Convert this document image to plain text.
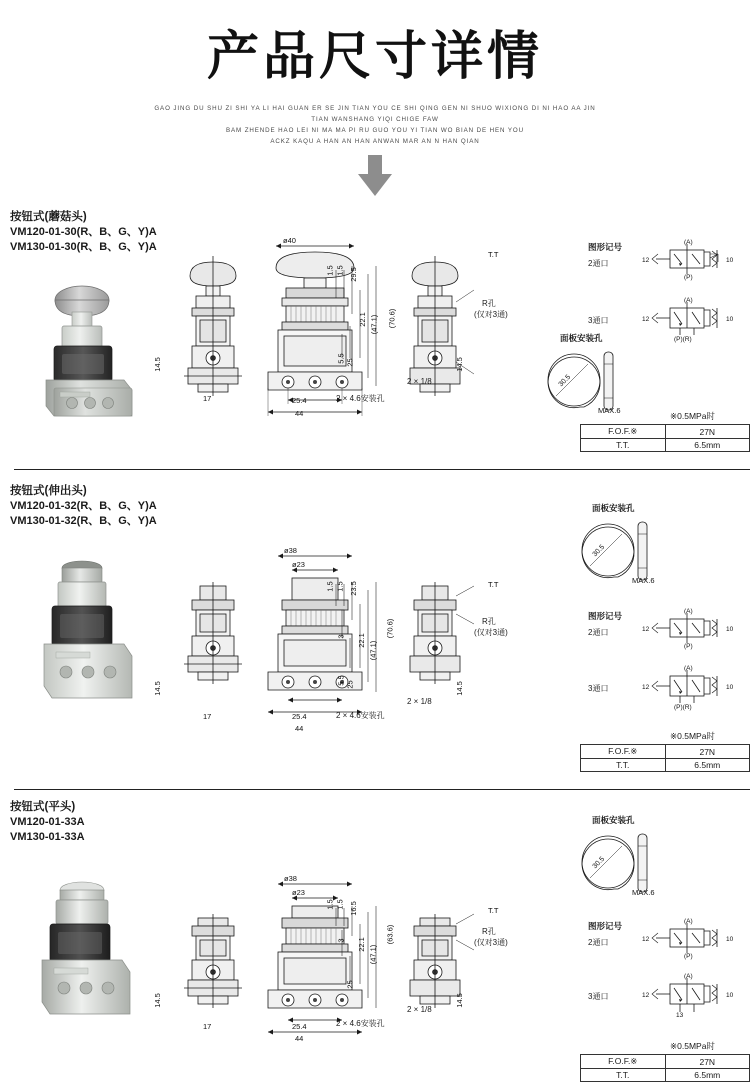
产品尺寸详情
GAO JING DU SHU ZI SHI YA LI HAI GUAN ER SE JIN TIAN YOU CE SHI QING GEN NI SHUO WIXIONG DI NI HAO AA JIN TIAN WANSHANG YIQI CHIGE FAW
BAM ZHENDE HAO LEI NI MA MA PI RU GUO YOU YI TIAN WO BIAN DE HEN YOU
ACKZ KAQU A HAN AN HAN ANWAN MAR AN N HAN QIAN
按钮式(蘑菇头)
VM120-01-30(R、B、G、Y)A
VM130-01-30(R、B、G、Y)A
14.5
17
ø40
25.4
44
1.5 1.5 29.5
22.1 (47.1) (70.6)
5.5 25
T.T
R孔
(仅对3通)
14.5
2 × 1/8
2 × 4.6安装孔
图形记号
2通口
(A)
(P)
12	10
3通口
(A)
(P)(R)
12	10
面板安装孔
30.5
MAX.6
※0.5MPa时
F.O.F.※	27N
T.T.	6.5mm
按钮式(伸出头)
VM120-01-32(R、B、G、Y)A
VM130-01-32(R、B、G、Y)A
14.5
17
ø38
ø23
25.4
44
1.5 1.5 23.5
3 22.1
(47.1)
(70.6)
5.5 25
T.T
R孔
(仅对3通)
14.5
2 × 1/8
2 × 4.6安装孔
面板安装孔
30.5
MAX.6
图形记号
2通口
(A)
(P)
12	10
3通口
(A)
(P)(R)
12	10
※0.5MPa时
F.O.F.※	27N
T.T.	6.5mm
按钮式(平头)
VM120-01-33A
VM130-01-33A
14.5
17
ø38
ø23
25.4
44
1.5 1.5 16.5
3 22.1
(47.1)
(63.6)
25
T.T
R孔
(仅对3通)
14.5
2 × 1/8
2 × 4.6安装孔
面板安装孔
30.5
MAX.6
图形记号
2通口
(A)
(P)
12	10
3通口
(A)
13
12	10
※0.5MPa时
F.O.F.※	27N
T.T.	6.5mm
